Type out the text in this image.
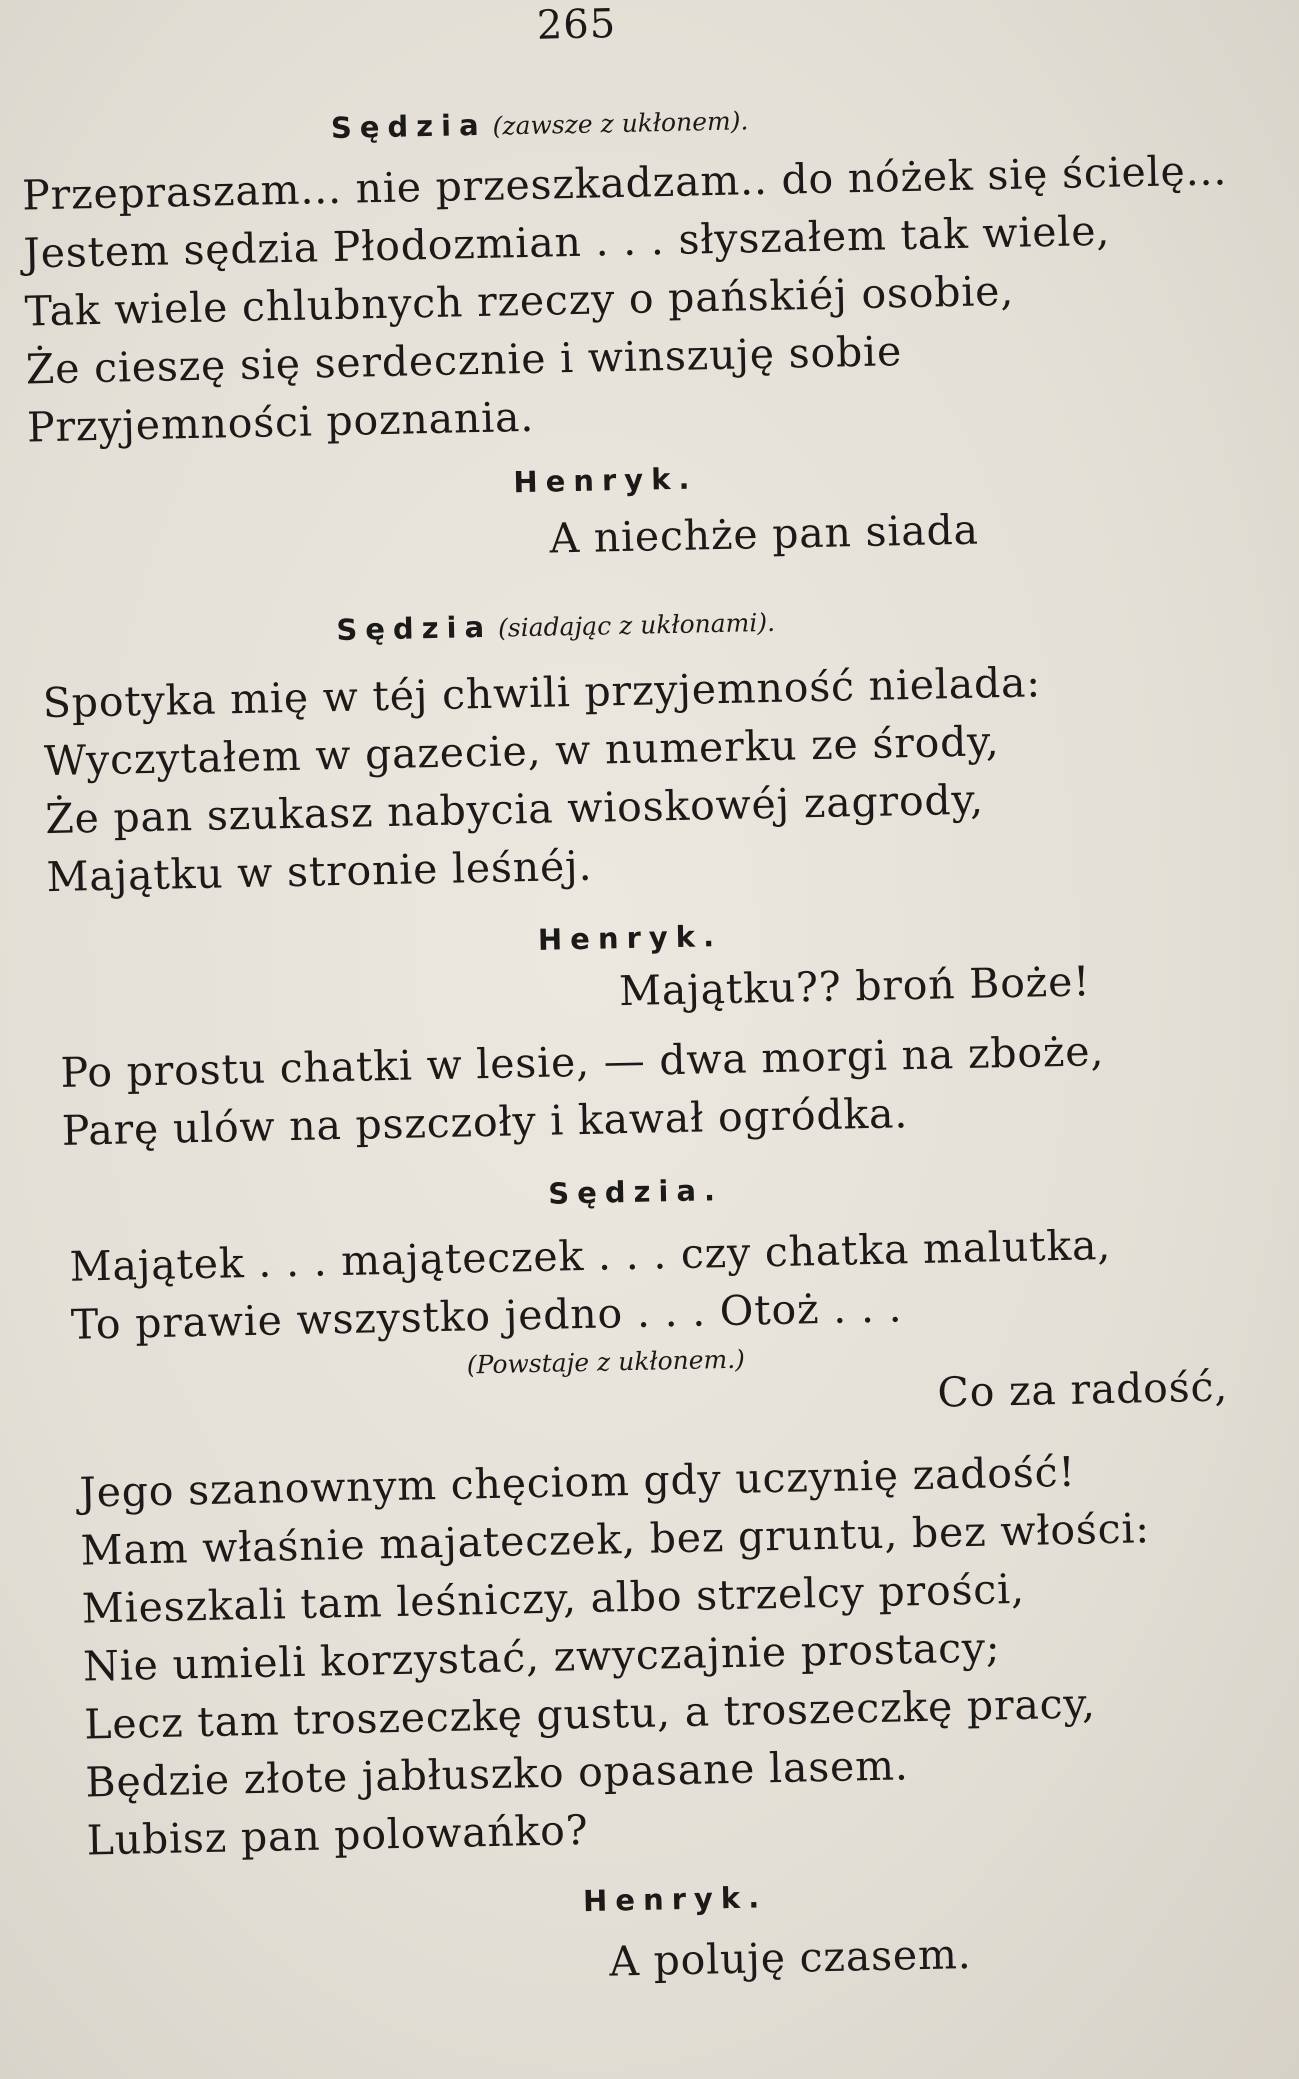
265
Sędzia (zawsze z ukłonem).
Przepraszam... nie przeszkadzam.. do nóżek się ścielę...
Jestem sędzia Płodozmian . . . słyszałem tak wiele,
Tak wiele chlubnych rzeczy o pańskiéj osobie,
Że cieszę się serdecznie i winszuję sobie
Przyjemności poznania.
Henryk.
A niechże pan siada
Sędzia (siadając z ukłonami).
Spotyka mię w téj chwili przyjemność nielada:
Wyczytałem w gazecie, w numerku ze środy,
Że pan szukasz nabycia wioskowéj zagrody,
Majątku w stronie leśnéj.
Henryk.
Majątku?? broń Boże!
Po prostu chatki w lesie, — dwa morgi na zboże,
Parę ulów na pszczoły i kawał ogródka.
Sędzia.
Majątek . . . mająteczek . . . czy chatka malutka,
To prawie wszystko jedno . . . Otoż . . .
(Powstaje z ukłonem.)
Co za radość,
Jego szanownym chęciom gdy uczynię zadość!
Mam właśnie majateczek, bez gruntu, bez włości:
Mieszkali tam leśniczy, albo strzelcy prości,
Nie umieli korzystać, zwyczajnie prostacy;
Lecz tam troszeczkę gustu, a troszeczkę pracy,
Będzie złote jabłuszko opasane lasem.
Lubisz pan polowańko?
Henryk.
A poluję czasem.
